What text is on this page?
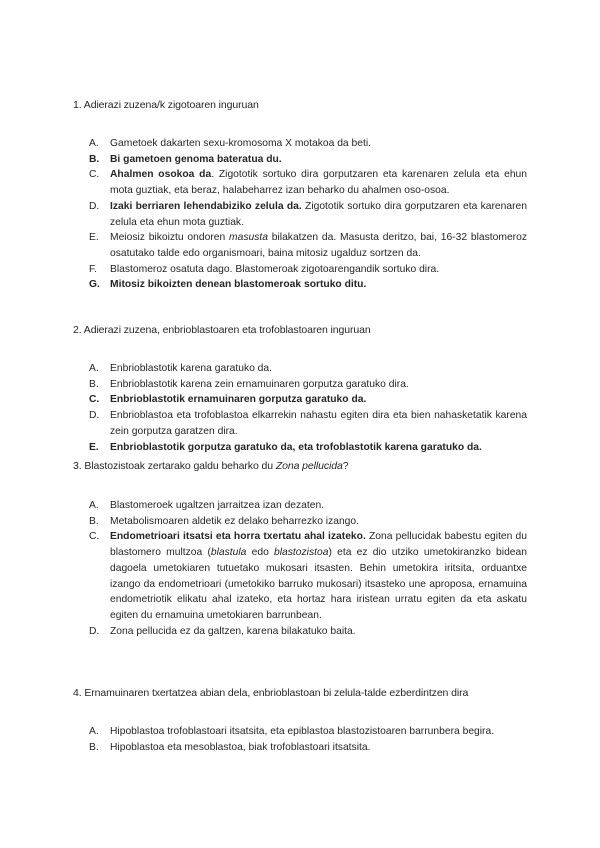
1. Adierazi zuzena/k zigotoaren inguruan
A. Gametoek dakarten sexu-kromosoma X motakoa da beti.
B. Bi gametoen genoma bateratua du.
C. Ahalmen osokoa da. Zigototik sortuko dira gorputzaren eta karenaren zelula eta ehun mota guztiak, eta beraz, halabeharrez izan beharko du ahalmen oso-osoa.
D. Izaki berriaren lehendabiziko zelula da. Zigototik sortuko dira gorputzaren eta karenaren zelula eta ehun mota guztiak.
E. Meiosiz bikoiztu ondoren masusta bilakatzen da. Masusta deritzo, bai, 16-32 blastomeroz osatutako talde edo organismoari, baina mitosiz ugalduz sortzen da.
F. Blastomeroz osatuta dago. Blastomeroak zigotoarengandik sortuko dira.
G. Mitosiz bikoizten denean blastomeroak sortuko ditu.
2. Adierazi zuzena, enbrioblastoaren eta trofoblastoaren inguruan
A. Enbrioblastotik karena garatuko da.
B. Enbrioblastotik karena zein ernamuinaren gorputza garatuko dira.
C. Enbrioblastotik ernamuinaren gorputza garatuko da.
D. Enbrioblastoa eta trofoblastoa elkarrekin nahastu egiten dira eta bien nahasketatik karena zein gorputza garatzen dira.
E. Enbrioblastotik gorputza garatuko da, eta trofoblastotik karena garatuko da.
3. Blastozistoak zertarako galdu beharko du Zona pellucida?
A. Blastomeroek ugaltzen jarraitzea izan dezaten.
B. Metabolismoaren aldetik ez delako beharrezko izango.
C. Endometrioari itsatsi eta horra txertatu ahal izateko. Zona pellucidak babestu egiten du blastomero multzoa (blastula edo blastozistoa) eta ez dio utziko umetokiranzko bidean dagoela umetokiaren tutuetako mukosari itsasten. Behin umetokira iritsita, orduantxe izango da endometrioari (umetokiko barruko mukosari) itsasteko une aproposa, ernamuina endometriotik elikatu ahal izateko, eta hortaz hara iristean urratu egiten da eta askatu egiten du ernamuina umetokiaren barrunbean.
D. Zona pellucida ez da galtzen, karena bilakatuko baita.
4. Ernamuinaren txertatzea abian dela, enbrioblastoan bi zelula-talde ezberdintzen dira
A. Hipoblastoa trofoblastoari itsatsita, eta epiblastoa blastozistoaren barrunbera begira.
B. Hipoblastoa eta mesoblastoa, biak trofoblastoari itsatsita.
